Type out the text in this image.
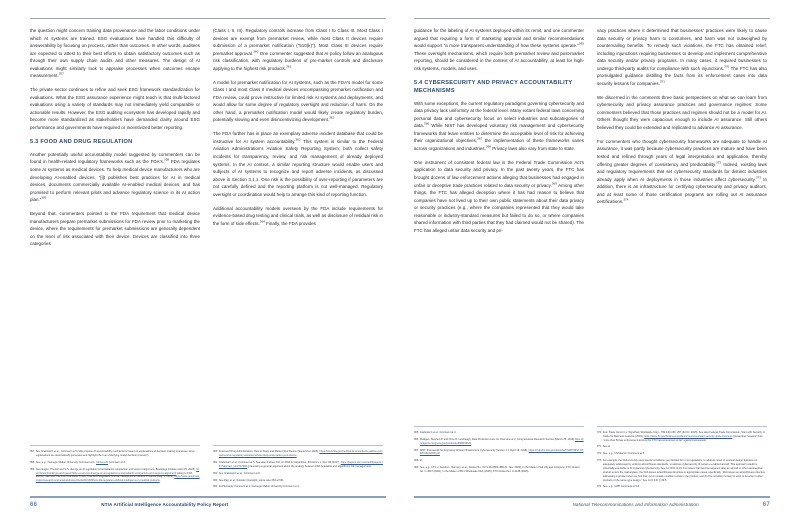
the question might concern training data provenance and the labor conditions under which AI systems are trained. ESG evaluations have handled this difficulty of answerability by focusing on process, rather than outcomes. In other words, auditees are expected to attest to their best efforts to obtain satisfactory outcomes such as through their own supply chain audits and other measures. The design of AI evaluations might similarly look to appraise processes when outcomes escape measurement.$^{357}$

The private sector continues to refine and seek ESG framework standardization for evaluations. What the ESG assurance experience might teach is that multi-factored evaluations using a variety of standards may not immediately yield comparable or actionable results. However, the ESG auditing ecosystem has developed rapidly and become more standardized as stakeholders have demanded clarity around ESG performance and governments have required or incentivized better reporting.

5.3 FOOD AND DRUG REGULATION

Another potentially useful accountability model suggested by commenters can be found in health-related regulatory frameworks such as the FDA's.$^{358}$ FDA regulates some AI systems as medical devices. To help medical device manufacturers who are developing AI-enabled devices, “[i]t publishes best practices for AI in medical devices, documents commercially available AI-enabled medical devices, and has promised to perform relevant pilots and advance regulatory science in its AI action plan.”$^{359}$

Beyond that, commenters pointed to the FDA requirement that medical device manufacturers prepare premarket submissions for FDA review prior to marketing the device, where the requirements for premarket submissions are generally dependent on the level of risk associated with their device. Devices are classified into three categories

(Class I, II, III). Regulatory controls increase from Class I to Class III. Most Class I devices are exempt from premarket review, while most Class II devices require submission of a premarket notification (“510(k)”). Most Class III devices require premarket approval.$^{360}$ One commenter suggested that AI policy follow an analogous risk classification, with regulatory burdens of pre-market controls and disclosure applying to the highest risk products.$^{361}$

A model for premarket notification for AI systems, such as the FDA's model for some Class I and most Class II medical devices encompassing premarket notification and FDA review, could prove instructive for limited risk AI systems and deployments, and would allow for some degree of regulatory oversight and reduction of harm. On the other hand, a premarket notification model would likely create regulatory burden, potentially slowing and even disincentivizing development.$^{362}$

The FDA further has in place an exemplary adverse incident database that could be instructive for AI system accountability.$^{363}$ This system is similar to the Federal Aviation Administration's Aviation Safety Reporting System; both collect safety incidents for transparency, review, and risk management of already deployed systems. In the AI context, a similar reporting structure would enable users and subjects of AI systems to recognize and report adverse incidents, as discussed above in Section 3.1.1. One risk is the possibility of over-reporting if parameters are not carefully defined and the reporting platform is not well-managed. Regulatory oversight or coordination would help to arrange this kind of reporting function.

Additional accountability models overseen by the FDA include requirements for evidence-based drug testing and clinical trials, as well as disclosure of residual risk in the form of side effects.$^{364}$ Finally, the FDA provides

357 See Grabowicz et al., Comment at 5 (“We propose AI accountability mechanisms based on explanations of decision-making processes; since explanations are automatically generated and highlight the true underlying model decision process”).
358 See, e.g., Carnegie Mellon University Comment at 1; Citizens AI Comment at 2.
359 Alex Engler, The EU and U.S. diverge on AI regulation: A transatlantic comparison and steps to alignment, Brookings Institute (April 25, 2023), https://www.brookings.edu/research/the-eu-and-us-diverge-on-ai-regulation-a-transatlantic-comparison-and-steps-to-alignment/ (citing to FDA efforts). See also The Pew Charitable Trusts, How FDA Regulates Artificial Intelligence in Medical Products (Aug. 5, 2021), https://www.pewtrusts.org/en/research-and-analysis/issue-briefs/2021/08/how-fda-regulates-artificial-intelligence-in-medical-products.
360 Food and Drug Administration, How to Study and Market Your Device (September 2023), https://www.fda.gov/medical-devices/device-advice-comprehensive-regulatory-assistance/how-study-and-market-your-device.
361 Grabowicz et al., Comment at 5. See also Andrew Tutt, An FDA for Algorithms, 69 Admin. L. Rev. 83 (2017), https://papers.ssrn.com/sol3/papers.cfm?abstract_id=2747994 (presenting a general argument about the analogy between FDA regulation and algorithmic risk management).
362 See Grabowicz et al., Comment at 6.
363 See Raji, et al, Outsider Oversight, supra note 253 at 561.
364 ForHumanity Comment at 4; Carnegie Mellon University Comment at 4.
66	NTIA Artificial Intelligence Accountability Policy Report

guidance for the labeling of AI systems deployed within its remit, and one commenter argued that requiring a form of marketing approval and similar recommendations would support “a more transparent understanding of how these systems operate.”$^{365}$ These oversight mechanisms, which require both premarket review and post-market reporting, should be considered in the context of AI accountability, at least for high-risk systems, models, and uses.

5.4 CYBERSECURITY AND PRIVACY ACCOUNTABILITY MECHANISMS

With some exceptions, the current regulatory paradigms governing cybersecurity and data privacy lack uniformity at the federal level. Many extant federal laws concerning personal data and cybersecurity focus on select industries and subcategories of data.$^{366}$ While NIST has developed voluntary risk management and cybersecurity frameworks that leave entities to determine the acceptable level of risk for achieving their organizational objectives,$^{367}$ the implementation of these frameworks varies across organizations and industries.$^{368}$ Privacy laws also vary from state to state.

One instrument of consistent federal law is the Federal Trade Commission Act's application to data security and privacy. In the past twenty years, the FTC has brought dozens of law enforcement actions alleging that businesses had engaged in unfair or deceptive trade practices related to data security or privacy.$^{369}$ Among other things, the FTC has alleged deception where it has had reason to believe that companies have not lived up to their own public statements about their data privacy or security practices (e.g., where the companies represented that they would take reasonable or industry-standard measures but failed to do so, or where companies shared information with third parties that they had claimed would not be shared). The FTC has alleged unfair data security and pri-

vacy practices where it determined that businesses' practices were likely to cause data security or privacy harm to consumers, and harm was not outweighed by countervailing benefits. To remedy such violations, the FTC has obtained relief, including injunctions requiring businesses to develop and implement comprehensive data security and/or privacy programs. In many cases, it required businesses to undergo third-party audits for compliance with such injunctions.$^{370}$ The FTC has also promulgated guidance distilling the facts from its enforcement cases into data security lessons for companies.$^{371}$

We discerned in the comments three basic perspectives on what we can learn from cybersecurity and privacy assurance practices and governance regimes: Some commenters believed that those practices and regimes should not be a model for AI. Others thought they were capacious enough to include AI assurance. Still others believed they could be extended and replicated to advance AI assurance.

For commenters who thought cybersecurity frameworks are adequate to handle AI assurance, it was partly because cybersecurity practices are mature and have been tested and refined through years of legal interpretation and application, thereby offering greater degrees of consistency and predictability.$^{372}$ Indeed, existing laws and regulatory requirements that set cybersecurity standards for distinct industries already apply when AI deployments in those industries affect cybersecurity.$^{373}$ In addition, there is an infrastructure for certifying cybersecurity and privacy auditors, and at least some of those certification programs are rolling out AI assurance certifications.$^{374}$

365 Grabowicz et al., Comment at 4.
366 Mulligan, Stephen P. and Chris D. Linebaugh, Data Protection Law: An Overview at 2, Congressional Research Service (March 25, 2019) https://crsreports.congress.gov/product/pdf/R/R45631.
367 NIST, Framework for Improving Critical Infrastructure Cybersecurity Version 1.1 (April 16, 2018), https://nvlpubs.nist.gov/nistpubs/CSWP/NIST.CSWP.04162018.pdf.
368 Id.
369 See, e.g., FTC v. Sandra L. Rennert, et al., Docket No. CV-S-00-0861-JBR (D. Nev. 2000); In the Matter of Eli Lilly and Company, FTC Docket No. C-4047 (2002); In the Matter of BJ's Wholesale Club (2005), FTC Docket No. C-4148 (2005).
370 Fed. Trade Comm'n v. Wyndham Worldwide Corp., 799 F.3d 236, 257 (3d Cir. 2015). See also Federal Trade Commission, Start with Security: A Guide for Business Lessons (2015), https://www.ftc.gov/business-guidance/resources/start-security-guide-business (presenting “lessons” from “more than 50 law enforcement actions the FTC has announced so far” against businesses).
371 See id.
372 See, e.g., USTelecom Comment at 9.
373 For example, the FAA currently uses special conditions, as provided for in its regulations, to address novel or unusual design features not adequately addressed by existing airworthiness standards, to address cybersecurity of certain e-enabled aircraft. This approach would be potentially extensible to AI impacting cybersecurity. See 14 CFR 11.19. For issues that become apparent after an aircraft or other aeronautical product enters the marketplace, the FAA issues airworthiness directives in appropriate cases, specifically, “FAA issues an airworthiness directive addressing a product when we find that: (a) An unsafe condition exists in the product; and (b) The condition is likely to exist or develop in other products of the same type design.” See 14 C.F.R. § 39.5.
374 See, e.g., IAPP Comment at 5-6.
National Telecommunications and Information Administration	67
